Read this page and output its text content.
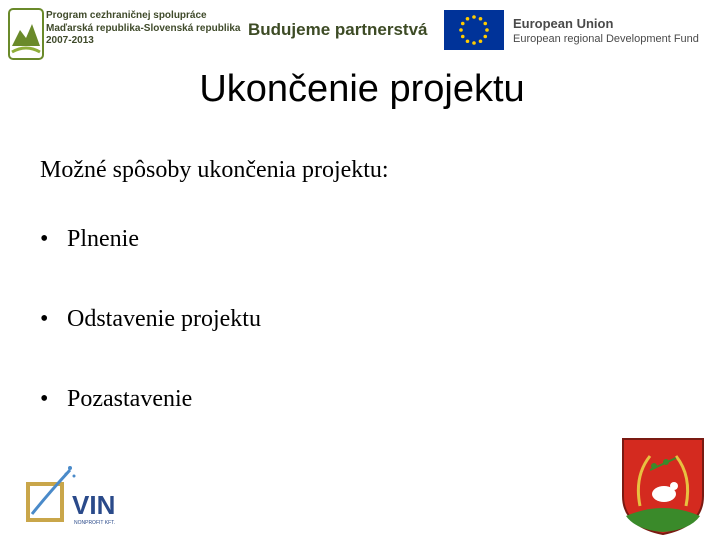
Program cezhraničnej spolupráce
Maďarská republika-Slovenská republika
2007-2013
Budujeme partnerstvá	European Union
European regional Development Fund
Ukončenie projektu
Možné spôsoby ukončenia projektu:
• Plnenie
• Odstavenie projektu
• Pozastavenie
VIN
NONPROFIT KFT.
